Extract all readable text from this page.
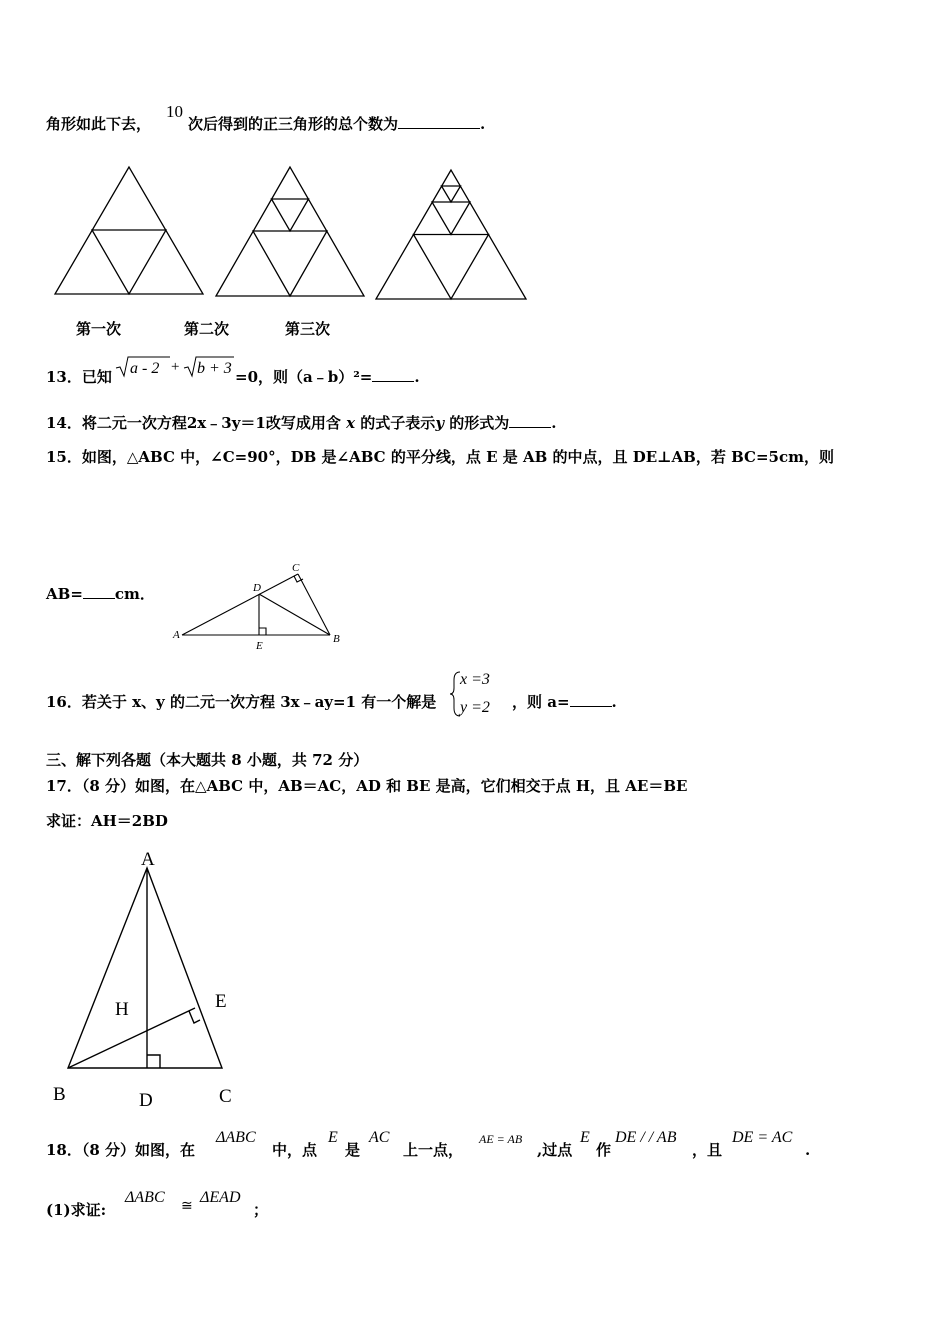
角形如此下去，
10
次后得到的正三角形的总个数为	.
第一次	第二次	第三次
13．已知 a - 2 + b + 3 =0，则（a﹣b）²=	.
14．将二元一次方程2x﹣3y＝1改写成用含 x 的式子表示y 的形式为	.
15．如图，△ABC 中，∠C=90°，DB 是∠ABC 的平分线，点 E 是 AB 的中点，且 DE⊥AB，若 BC=5cm，则
AB= cm．
A	B
C
D
E
16．若关于 x、y 的二元一次方程 3x﹣ay=1 有一个解是
x =3
y =2 ，则 a=	.
三、解下列各题（本大题共 8 小题，共 72 分）
17．（8 分）如图，在△ABC 中，AB＝AC，AD 和 BE 是高，它们相交于点 H，且 AE＝BE
求证：AH＝2BD
A
B	C
D
E
H
18．（8 分）如图，在
ΔABC
中，点
E
是
AC
上一点，
AE = AB
,过点
E
作
DE / / AB
，且
DE = AC
.
(1)求证:
ΔABC
≅
ΔEAD
；
